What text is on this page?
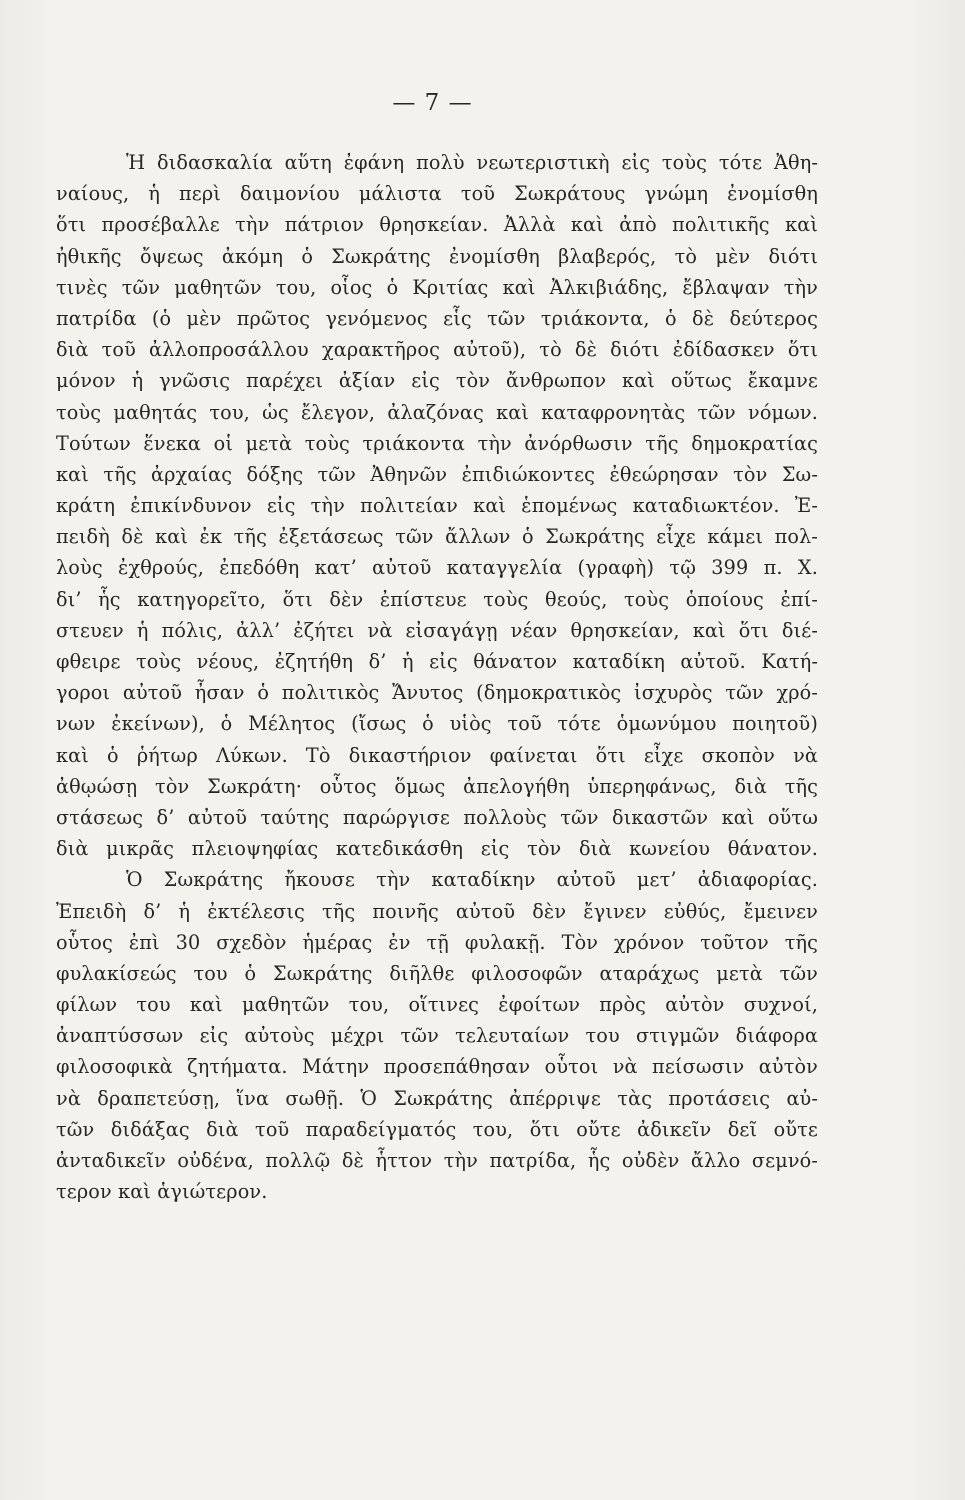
— 7 —
Ἡ διδασκαλία αὕτη ἐφάνη πολὺ νεωτεριστικὴ εἰς τοὺς τότε Ἀθη-
ναίους, ἡ περὶ δαιμονίου μάλιστα τοῦ Σωκράτους γνώμη ἐνομίσθη
ὅτι προσέβαλλε τὴν πάτριον θρησκείαν. Ἀλλὰ καὶ ἀπὸ πολιτικῆς καὶ
ἠθικῆς ὄψεως ἀκόμη ὁ Σωκράτης ἐνομίσθη βλαβερός, τὸ μὲν διότι
τινὲς τῶν μαθητῶν του, οἷος ὁ Κριτίας καὶ Ἀλκιβιάδης, ἔβλαψαν τὴν
πατρίδα (ὁ μὲν πρῶτος γενόμενος εἷς τῶν τριάκοντα, ὁ δὲ δεύτερος
διὰ τοῦ ἀλλοπροσάλλου χαρακτῆρος αὐτοῦ), τὸ δὲ διότι ἐδίδασκεν ὅτι
μόνον ἡ γνῶσις παρέχει ἀξίαν εἰς τὸν ἄνθρωπον καὶ οὕτως ἔκαμνε
τοὺς μαθητάς του, ὡς ἔλεγον, ἀλαζόνας καὶ καταφρονητὰς τῶν νόμων.
Τούτων ἕνεκα οἱ μετὰ τοὺς τριάκοντα τὴν ἀνόρθωσιν τῆς δημοκρατίας
καὶ τῆς ἀρχαίας δόξης τῶν Ἀθηνῶν ἐπιδιώκοντες ἐθεώρησαν τὸν Σω-
κράτη ἐπικίνδυνον εἰς τὴν πολιτείαν καὶ ἑπομένως καταδιωκτέον. Ἐ-
πειδὴ δὲ καὶ ἐκ τῆς ἐξετάσεως τῶν ἄλλων ὁ Σωκράτης εἶχε κάμει πολ-
λοὺς ἐχθρούς, ἐπεδόθη κατ’ αὐτοῦ καταγγελία (γραφὴ) τῷ 399 π. Χ.
δι’ ἧς κατηγορεῖτο, ὅτι δὲν ἐπίστευε τοὺς θεούς, τοὺς ὁποίους ἐπί-
στευεν ἡ πόλις, ἀλλ’ ἐζήτει νὰ εἰσαγάγῃ νέαν θρησκείαν, καὶ ὅτι διέ-
φθειρε τοὺς νέους, ἐζητήθη δ’ ἡ εἰς θάνατον καταδίκη αὐτοῦ. Κατή-
γοροι αὐτοῦ ἦσαν ὁ πολιτικὸς Ἄνυτος (δημοκρατικὸς ἰσχυρὸς τῶν χρό-
νων ἐκείνων), ὁ Μέλητος (ἴσως ὁ υἱὸς τοῦ τότε ὁμωνύμου ποιητοῦ)
καὶ ὁ ῥήτωρ Λύκων. Τὸ δικαστήριον φαίνεται ὅτι εἶχε σκοπὸν νὰ
ἀθῳώσῃ τὸν Σωκράτη· οὗτος ὅμως ἀπελογήθη ὑπερηφάνως, διὰ τῆς
στάσεως δ’ αὐτοῦ ταύτης παρώργισε πολλοὺς τῶν δικαστῶν καὶ οὕτω
διὰ μικρᾶς πλειοψηφίας κατεδικάσθη εἰς τὸν διὰ κωνείου θάνατον.
Ὁ Σωκράτης ἤκουσε τὴν καταδίκην αὐτοῦ μετ’ ἀδιαφορίας.
Ἐπειδὴ δ’ ἡ ἐκτέλεσις τῆς ποινῆς αὐτοῦ δὲν ἔγινεν εὐθύς, ἔμεινεν
οὗτος ἐπὶ 30 σχεδὸν ἡμέρας ἐν τῇ φυλακῇ. Τὸν χρόνον τοῦτον τῆς
φυλακίσεώς του ὁ Σωκράτης διῆλθε φιλοσοφῶν αταράχως μετὰ τῶν
φίλων του καὶ μαθητῶν του, οἵτινες ἐφοίτων πρὸς αὐτὸν συχνοί,
ἀναπτύσσων εἰς αὐτοὺς μέχρι τῶν τελευταίων του στιγμῶν διάφορα
φιλοσοφικὰ ζητήματα. Μάτην προσεπάθησαν οὗτοι νὰ πείσωσιν αὐτὸν
νὰ δραπετεύσῃ, ἵνα σωθῇ. Ὁ Σωκράτης ἀπέρριψε τὰς προτάσεις αὐ-
τῶν διδάξας διὰ τοῦ παραδείγματός του, ὅτι οὔτε ἀδικεῖν δεῖ οὔτε
ἀνταδικεῖν οὐδένα, πολλῷ δὲ ἧττον τὴν πατρίδα, ἧς οὐδὲν ἄλλο σεμνό-
τερον καὶ ἁγιώτερον.
